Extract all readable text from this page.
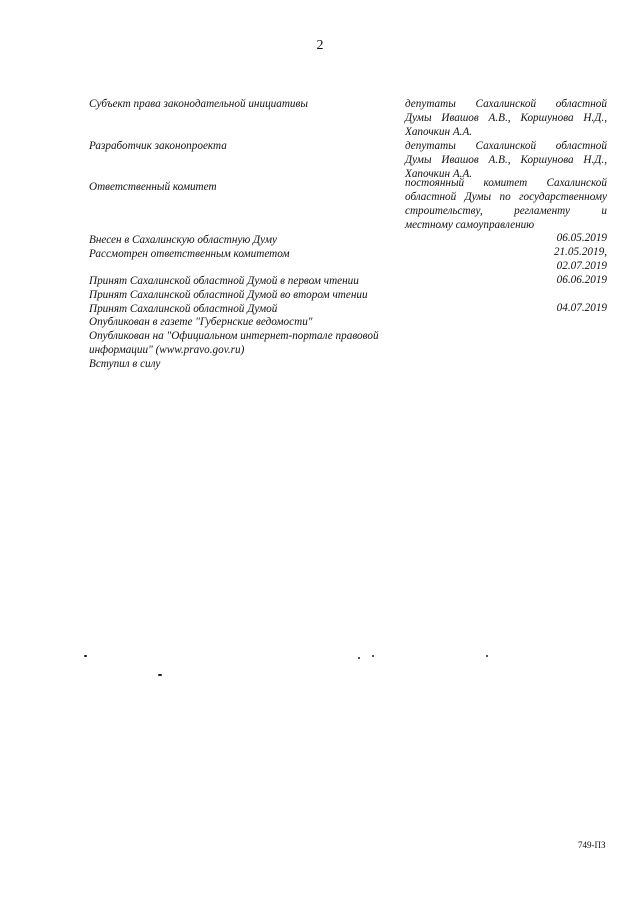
2
Субъект права законодательной инициативы	депутаты Сахалинской областной
Думы Ивашов А.В., Коршунова Н.Д.,
Хапочкин А.А.
Разработчик законопроекта	депутаты Сахалинской областной
Думы Ивашов А.В., Коршунова Н.Д.,
Хапочкин А.А.
Ответственный комитет	постоянный комитет Сахалинской
областной Думы по государственному
строительству, регламенту и
местному самоуправлению
Внесен в Сахалинскую областную Думу	06.05.2019
Рассмотрен ответственным комитетом	21.05.2019,
02.07.2019
Принят Сахалинской областной Думой в первом чтении	06.06.2019
Принят Сахалинской областной Думой во втором чтении
Принят Сахалинской областной Думой	04.07.2019
Опубликован в газете "Губернские ведомости"
Опубликован на "Официальном интернет-портале правовой
информации" (www.pravo.gov.ru)
Вступил в силу
749-ПЗ
